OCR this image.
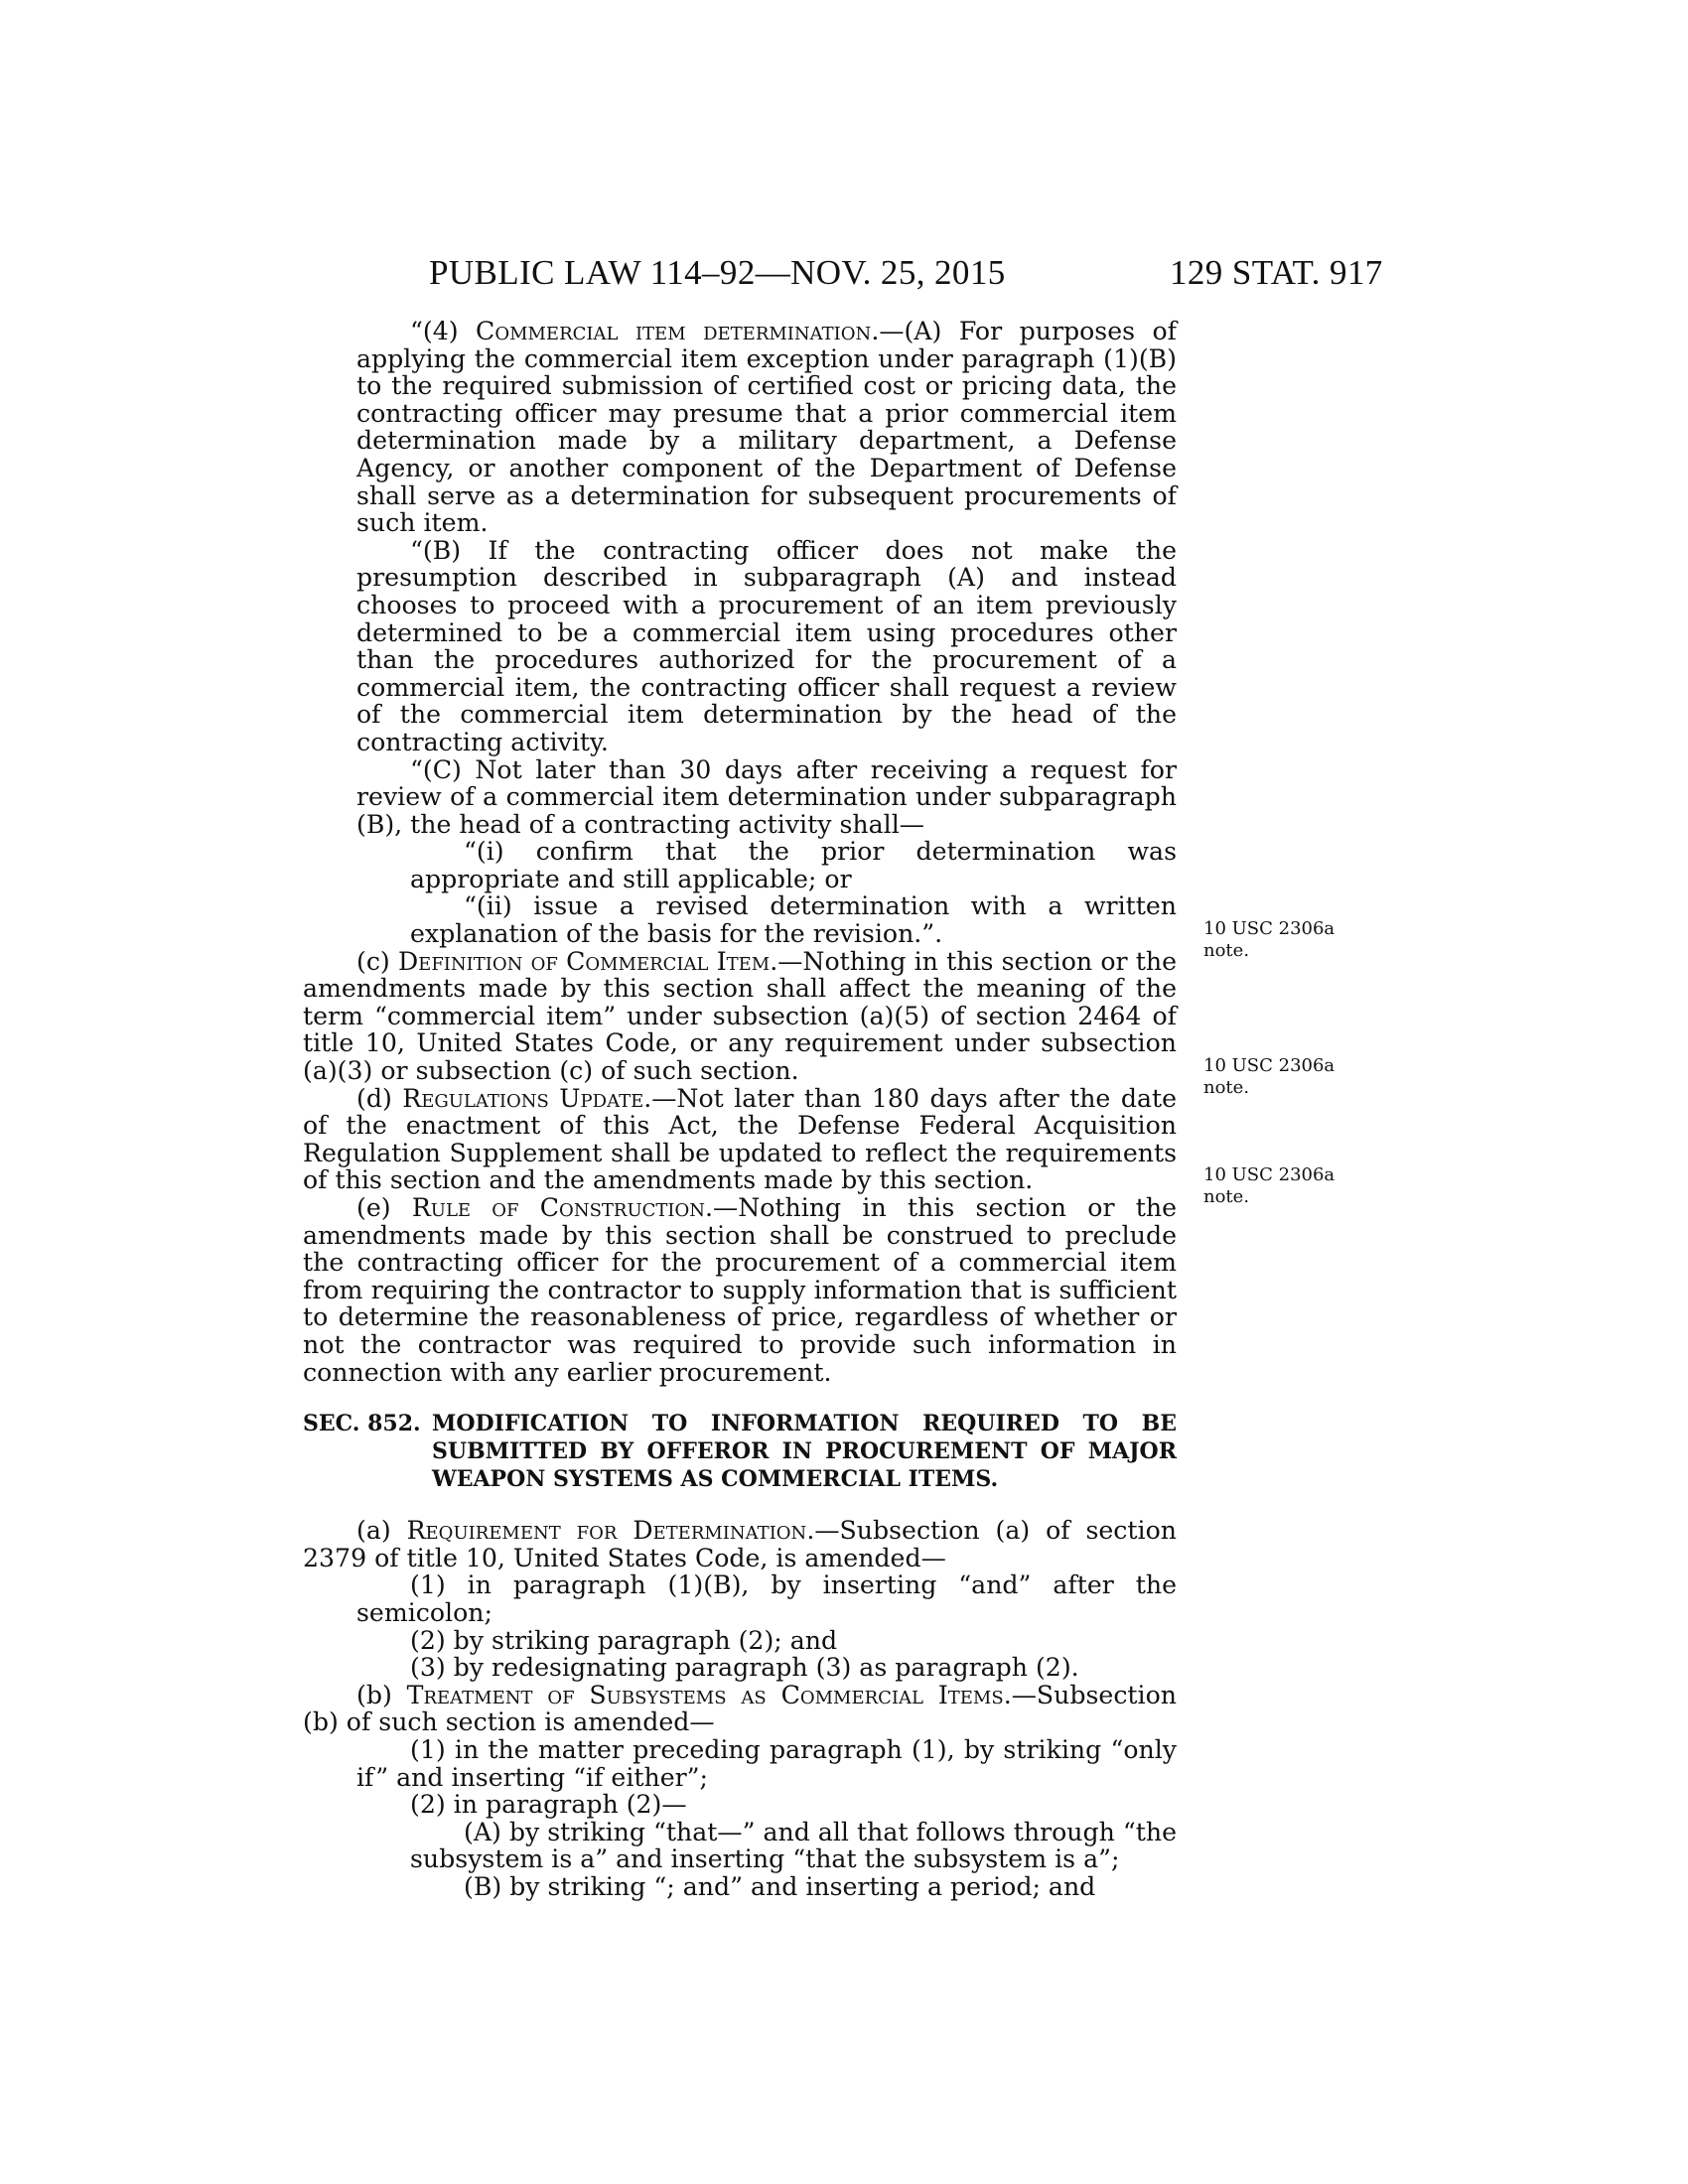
PUBLIC LAW 114–92—NOV. 25, 2015	129 STAT. 917

“(4) Commercial item determination.—(A) For purposes of applying the commercial item exception under paragraph (1)(B) to the required submission of certified cost or pricing data, the contracting officer may presume that a prior commercial item determination made by a military department, a Defense Agency, or another component of the Department of Defense shall serve as a determination for subsequent procurements of such item.

“(B) If the contracting officer does not make the presumption described in subparagraph (A) and instead chooses to proceed with a procurement of an item previously determined to be a commercial item using procedures other than the procedures authorized for the procurement of a commercial item, the contracting officer shall request a review of the commercial item determination by the head of the contracting activity.

“(C) Not later than 30 days after receiving a request for review of a commercial item determination under subparagraph (B), the head of a contracting activity shall—

“(i) confirm that the prior determination was appropriate and still applicable; or

“(ii) issue a revised determination with a written explanation of the basis for the revision.”.

(c) Definition of Commercial Item.—Nothing in this section or the amendments made by this section shall affect the meaning of the term “commercial item” under subsection (a)(5) of section 2464 of title 10, United States Code, or any requirement under subsection (a)(3) or subsection (c) of such section.

(d) Regulations Update.—Not later than 180 days after the date of the enactment of this Act, the Defense Federal Acquisition Regulation Supplement shall be updated to reflect the requirements of this section and the amendments made by this section.

(e) Rule of Construction.—Nothing in this section or the amendments made by this section shall be construed to preclude the contracting officer for the procurement of a commercial item from requiring the contractor to supply information that is sufficient to determine the reasonableness of price, regardless of whether or not the contractor was required to provide such information in connection with any earlier procurement.

SEC. 852. MODIFICATION TO INFORMATION REQUIRED TO BE SUBMITTED BY OFFEROR IN PROCUREMENT OF MAJOR WEAPON SYSTEMS AS COMMERCIAL ITEMS.

(a) Requirement for Determination.—Subsection (a) of section 2379 of title 10, United States Code, is amended—

(1) in paragraph (1)(B), by inserting “and” after the semicolon;

(2) by striking paragraph (2); and

(3) by redesignating paragraph (3) as paragraph (2).

(b) Treatment of Subsystems as Commercial Items.—Subsection (b) of such section is amended—

(1) in the matter preceding paragraph (1), by striking “only if” and inserting “if either”;

(2) in paragraph (2)—

(A) by striking “that—” and all that follows through “the subsystem is a” and inserting “that the subsystem is a”;

(B) by striking “; and” and inserting a period; and

10 USC 2306a
note.
10 USC 2306a
note.
10 USC 2306a
note.
